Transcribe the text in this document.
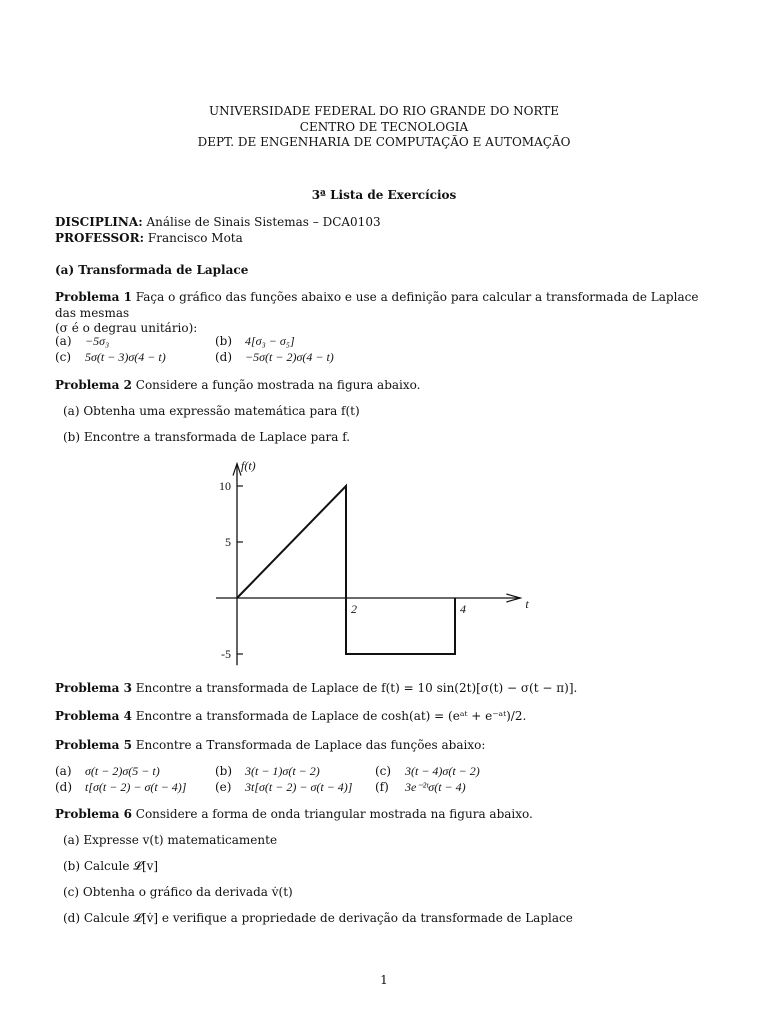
UNIVERSIDADE FEDERAL DO RIO GRANDE DO NORTE
CENTRO DE TECNOLOGIA
DEPT. DE ENGENHARIA DE COMPUTAÇÃO E AUTOMAÇÃO
3ª Lista de Exercícios
DISCIPLINA: Análise de Sinais Sistemas – DCA0103
PROFESSOR: Francisco Mota
(a) Transformada de Laplace
Problema 1 Faça o gráfico das funções abaixo e use a definição para calcular a transformada de Laplace das mesmas
(σ é o degrau unitário):
(a) −5σ₃	(b) 4[σ₃ − σ₅]
(c) 5σ(t − 3)σ(4 − t)	(d) −5σ(t − 2)σ(4 − t)
Problema 2 Considere a função mostrada na figura abaixo.
(a) Obtenha uma expressão matemática para f(t)
(b) Encontre a transformada de Laplace para f.
f(t)
t
10
5
-5
2	4
Problema 3 Encontre a transformada de Laplace de f(t) = 10 sin(2t)[σ(t) − σ(t − π)].
Problema 4 Encontre a transformada de Laplace de cosh(at) = (eᵃᵗ + e⁻ᵃᵗ)/2.
Problema 5 Encontre a Transformada de Laplace das funções abaixo:
(a) σ(t − 2)σ(5 − t)	(b) 3(t − 1)σ(t − 2)	(c) 3(t − 4)σ(t − 2)
(d) t[σ(t − 2) − σ(t − 4)]	(e) 3t[σ(t − 2) − σ(t − 4)]	(f) 3e⁻²ᵗσ(t − 4)
Problema 6 Considere a forma de onda triangular mostrada na figura abaixo.
(a) Expresse v(t) matematicamente
(b) Calcule 𝓛[v]
(c) Obtenha o gráfico da derivada v̇(t)
(d) Calcule 𝓛[v̇] e verifique a propriedade de derivação da transformade de Laplace
1
